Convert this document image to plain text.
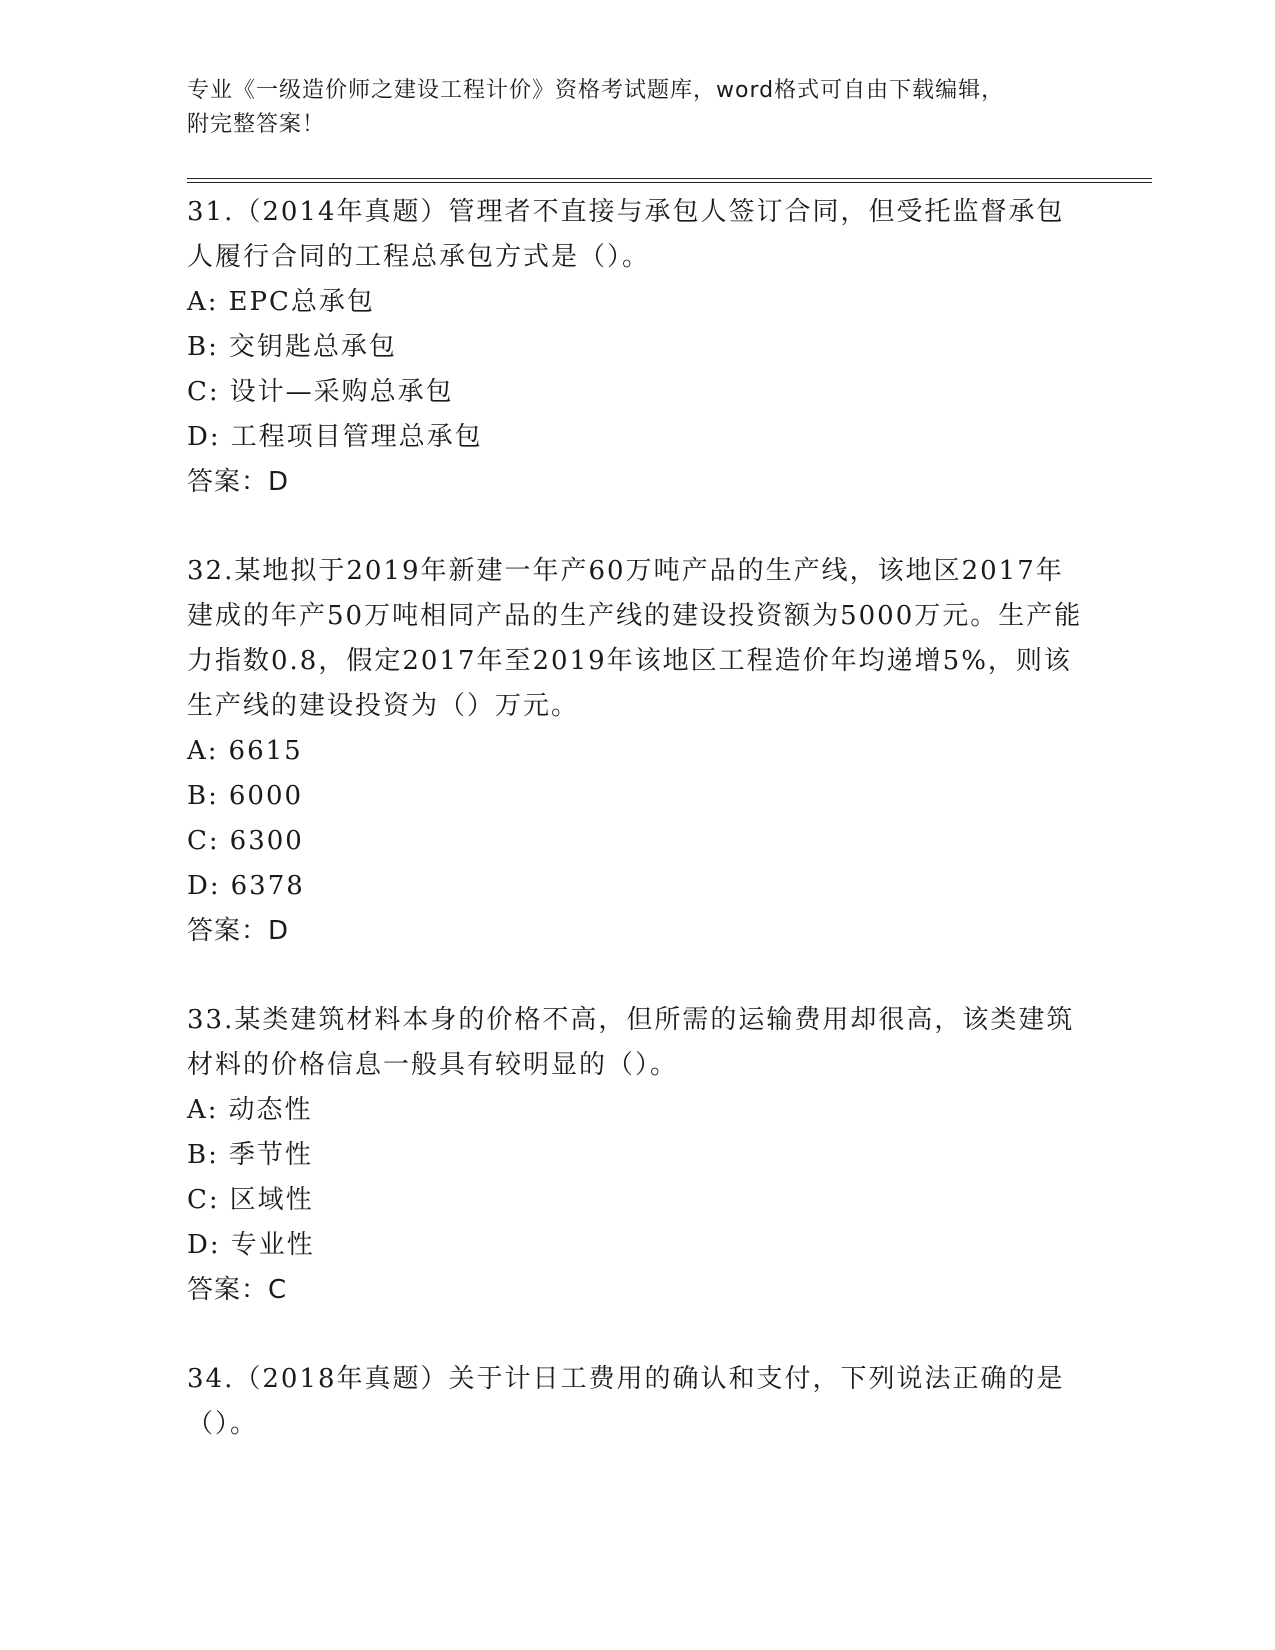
专业《一级造价师之建设工程计价》资格考试题库，word格式可自由下载编辑，
附完整答案！

31.（2014年真题）管理者不直接与承包人签订合同，但受托监督承包人履行合同的工程总承包方式是（）。

A: EPC总承包

B: 交钥匙总承包

C: 设计—采购总承包

D: 工程项目管理总承包

答案：D

32.某地拟于2019年新建一年产60万吨产品的生产线，该地区2017年建成的年产50万吨相同产品的生产线的建设投资额为5000万元。生产能力指数0.8，假定2017年至2019年该地区工程造价年均递增5%，则该生产线的建设投资为（）万元。

A: 6615

B: 6000

C: 6300

D: 6378

答案：D

33.某类建筑材料本身的价格不高，但所需的运输费用却很高，该类建筑材料的价格信息一般具有较明显的（）。

A: 动态性

B: 季节性

C: 区域性

D: 专业性

答案：C

34.（2018年真题）关于计日工费用的确认和支付，下列说法正确的是（）。
